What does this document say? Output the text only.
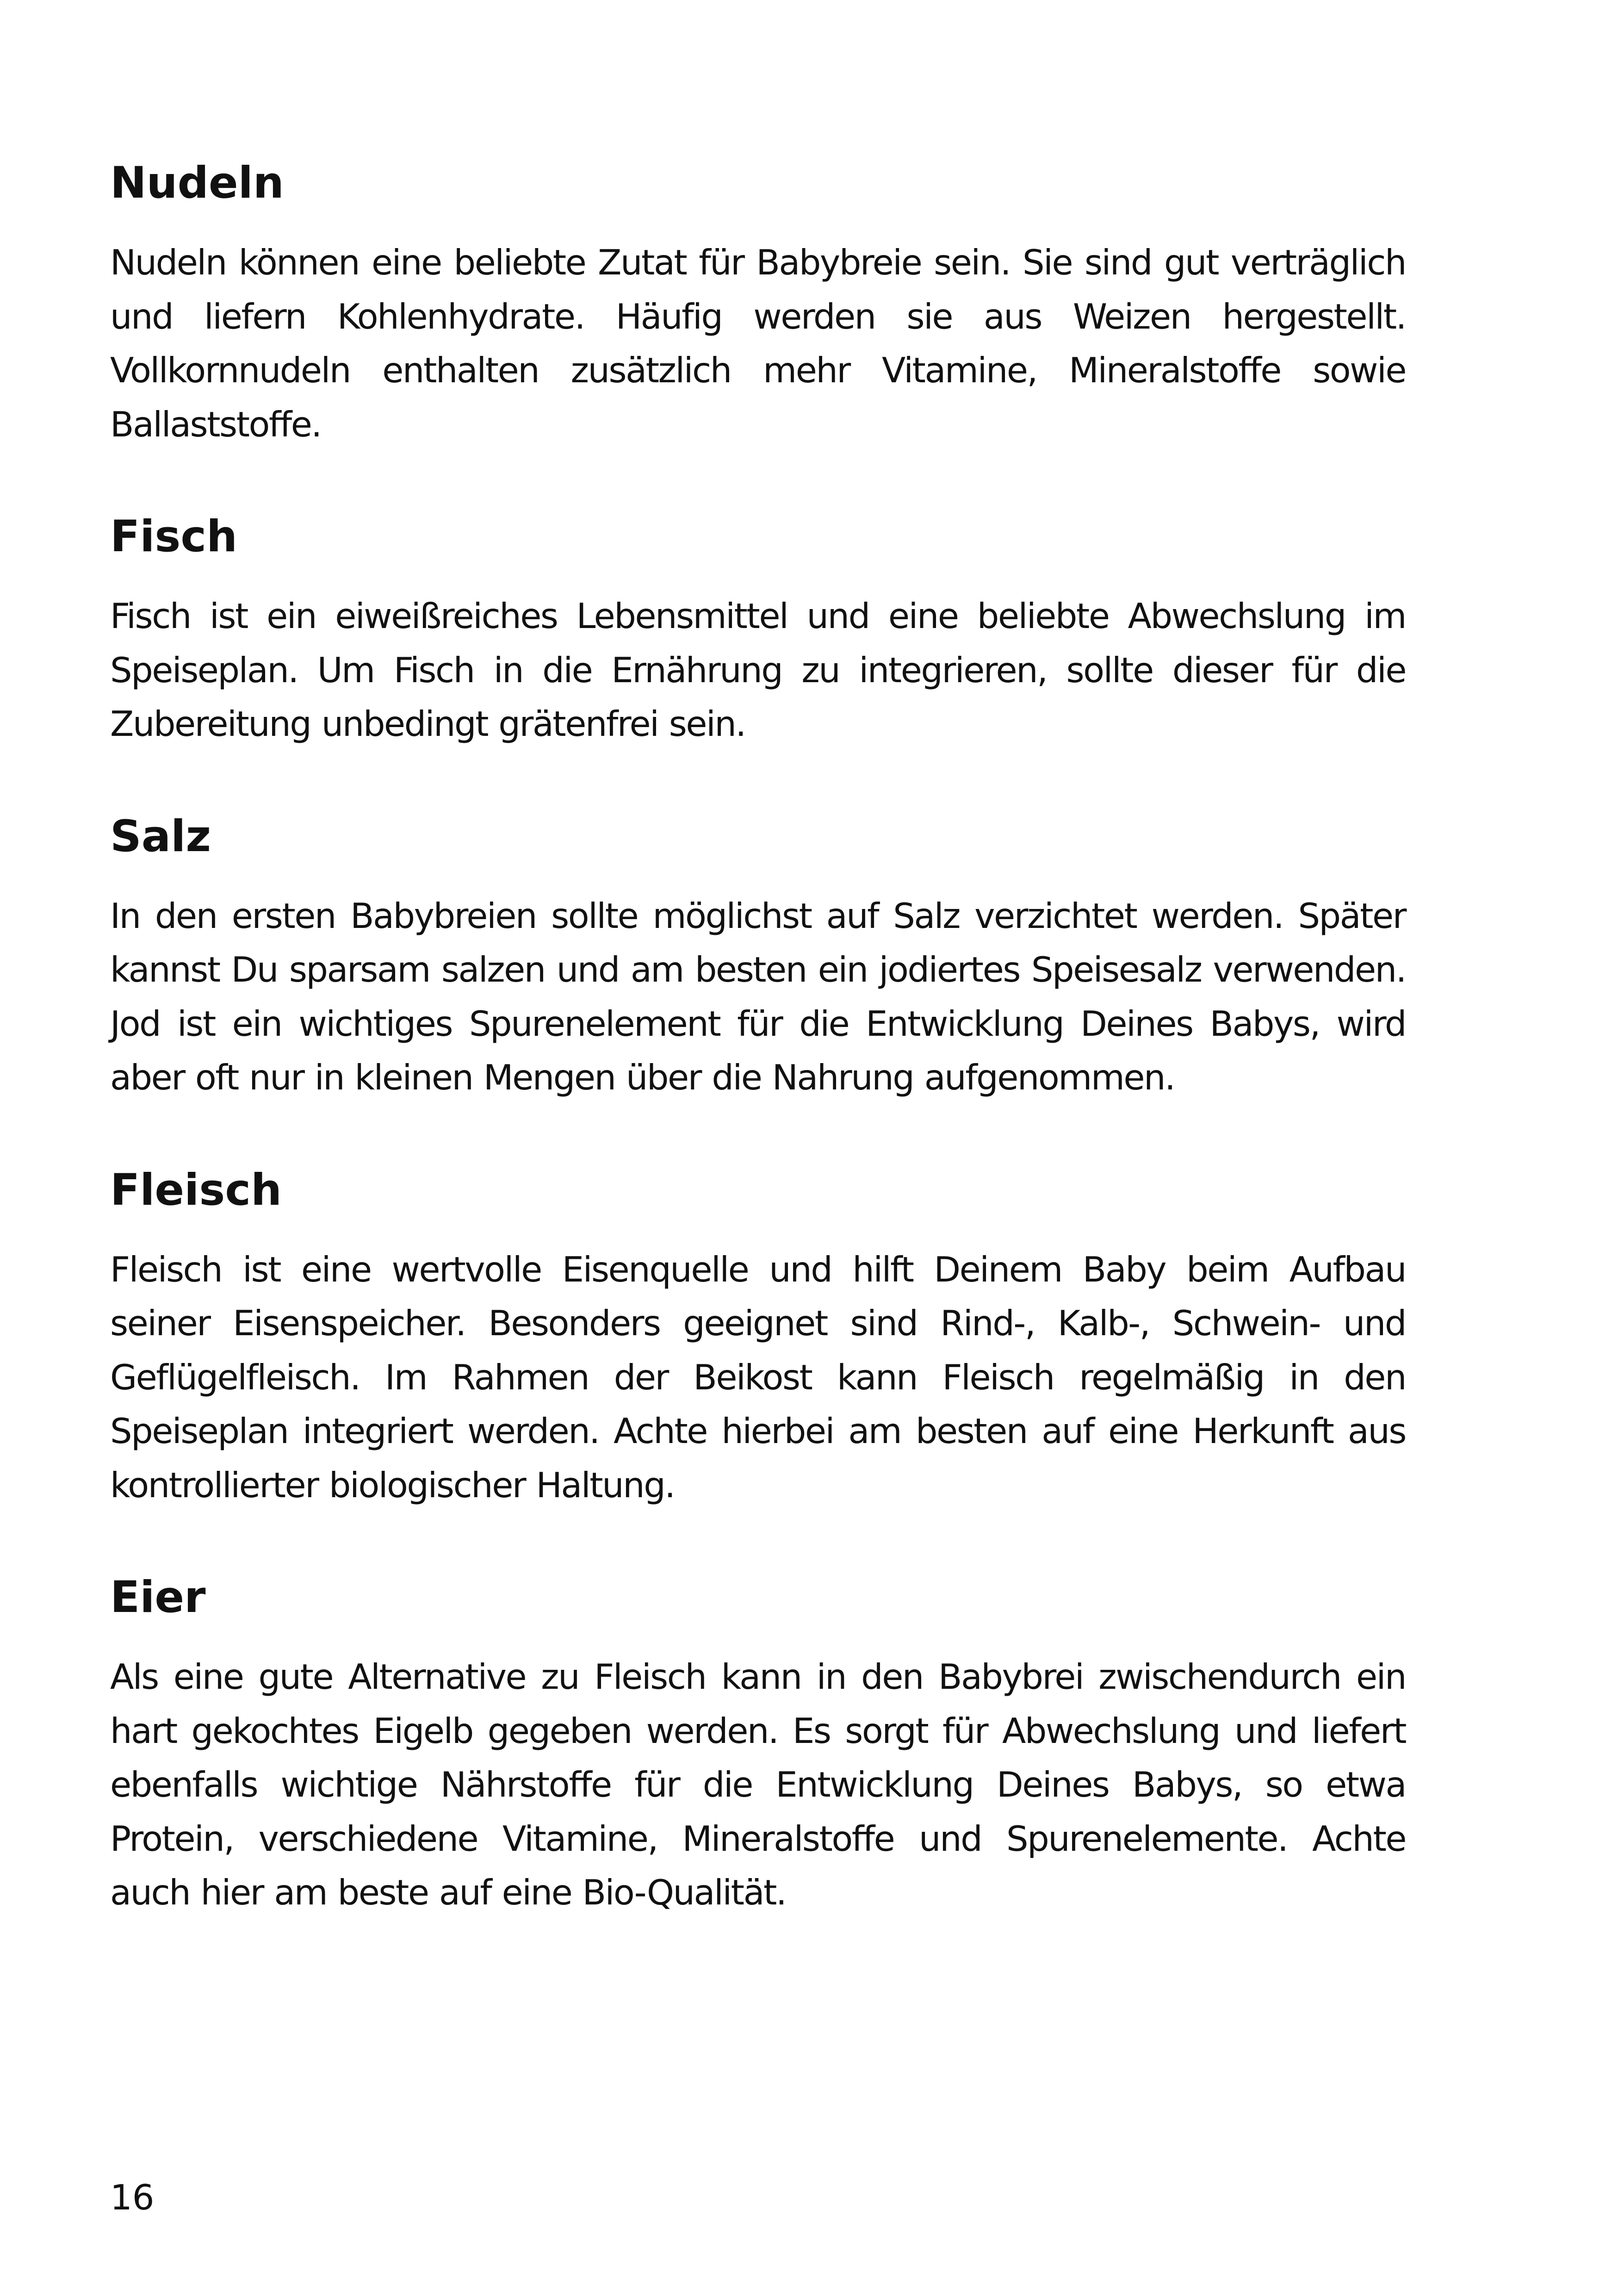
Nudeln

Nudeln können eine beliebte Zutat für Babybreie sein. Sie sind gut verträglich und liefern Kohlenhydrate. Häufig werden sie aus Weizen hergestellt. Vollkornnudeln enthalten zusätzlich mehr Vitamine, Mineralstoffe sowie Ballaststoffe.

Fisch

Fisch ist ein eiweißreiches Lebensmittel und eine beliebte Abwechslung im Speiseplan. Um Fisch in die Ernährung zu integrieren, sollte dieser für die Zubereitung unbedingt grätenfrei sein.

Salz

In den ersten Babybreien sollte möglichst auf Salz verzichtet werden. Später kannst Du sparsam salzen und am besten ein jodiertes Speisesalz verwenden. Jod ist ein wichtiges Spurenelement für die Entwicklung Deines Babys, wird aber oft nur in kleinen Mengen über die Nahrung aufgenommen.

Fleisch

Fleisch ist eine wertvolle Eisenquelle und hilft Deinem Baby beim Aufbau seiner Eisenspeicher. Besonders geeignet sind Rind-, Kalb-, Schwein- und Geflügelfleisch. Im Rahmen der Beikost kann Fleisch regelmäßig in den Speiseplan integriert werden. Achte hierbei am besten auf eine Herkunft aus kontrollierter biologischer Haltung.

Eier

Als eine gute Alternative zu Fleisch kann in den Babybrei zwischendurch ein hart gekochtes Eigelb gegeben werden. Es sorgt für Abwechslung und liefert ebenfalls wichtige Nährstoffe für die Entwicklung Deines Babys, so etwa Protein, verschiedene Vitamine, Mineralstoffe und Spurenelemente. Achte auch hier am beste auf eine Bio-Qualität.

16
